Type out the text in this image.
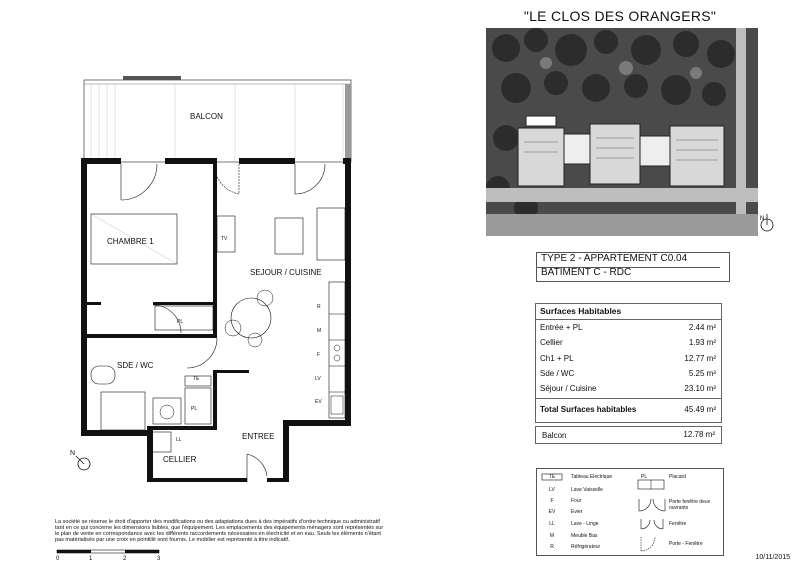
"LE CLOS DES ORANGERS"
N
TYPE 2 - APPARTEMENT C0.04
BATIMENT C - RDC
Surfaces Habitables
Entrée + PL	2.44 m²
Cellier	1.93 m²
Ch1 + PL	12.77 m²
Sde / WC	5.25 m²
Séjour / Cuisine	23.10 m²
Total Surfaces habitables	45.49 m²
Balcon	12.78 m²
TE	Tableau Electrique
LV	Lave Vaisselle
F	Four
EV	Evier
LL	Lave - Linge
M	Meuble Bas
R	Réfrigérateur
PL	Placard
Porte fenêtre deux ouvrants
Fenêtre
Porte - Fenêtre
BALCON
CHAMBRE 1
SEJOUR / CUISINE
SDE / WC
ENTREE
CELLIER
TV
PL
PL
TE
LL
R
M
F
LV
EV
N
La société se réserve le droit d'apporter des modifications ou des adaptations dues à des impératifs d'ordre technique ou administratif tant en ce qui concerne les dimensions lisibles, que l'équipement. Les emplacements des équipements ménagers sont représentés sur le plan de vente en correspondance avec les différents raccordements nécessaires en électricité et en eau. Seuls les éléments n'étant pas matérialisés par une croix en pointillé sont fournis. Le mobilier est représenté à titre indicatif.
0	1	2	3	10/11/2015
